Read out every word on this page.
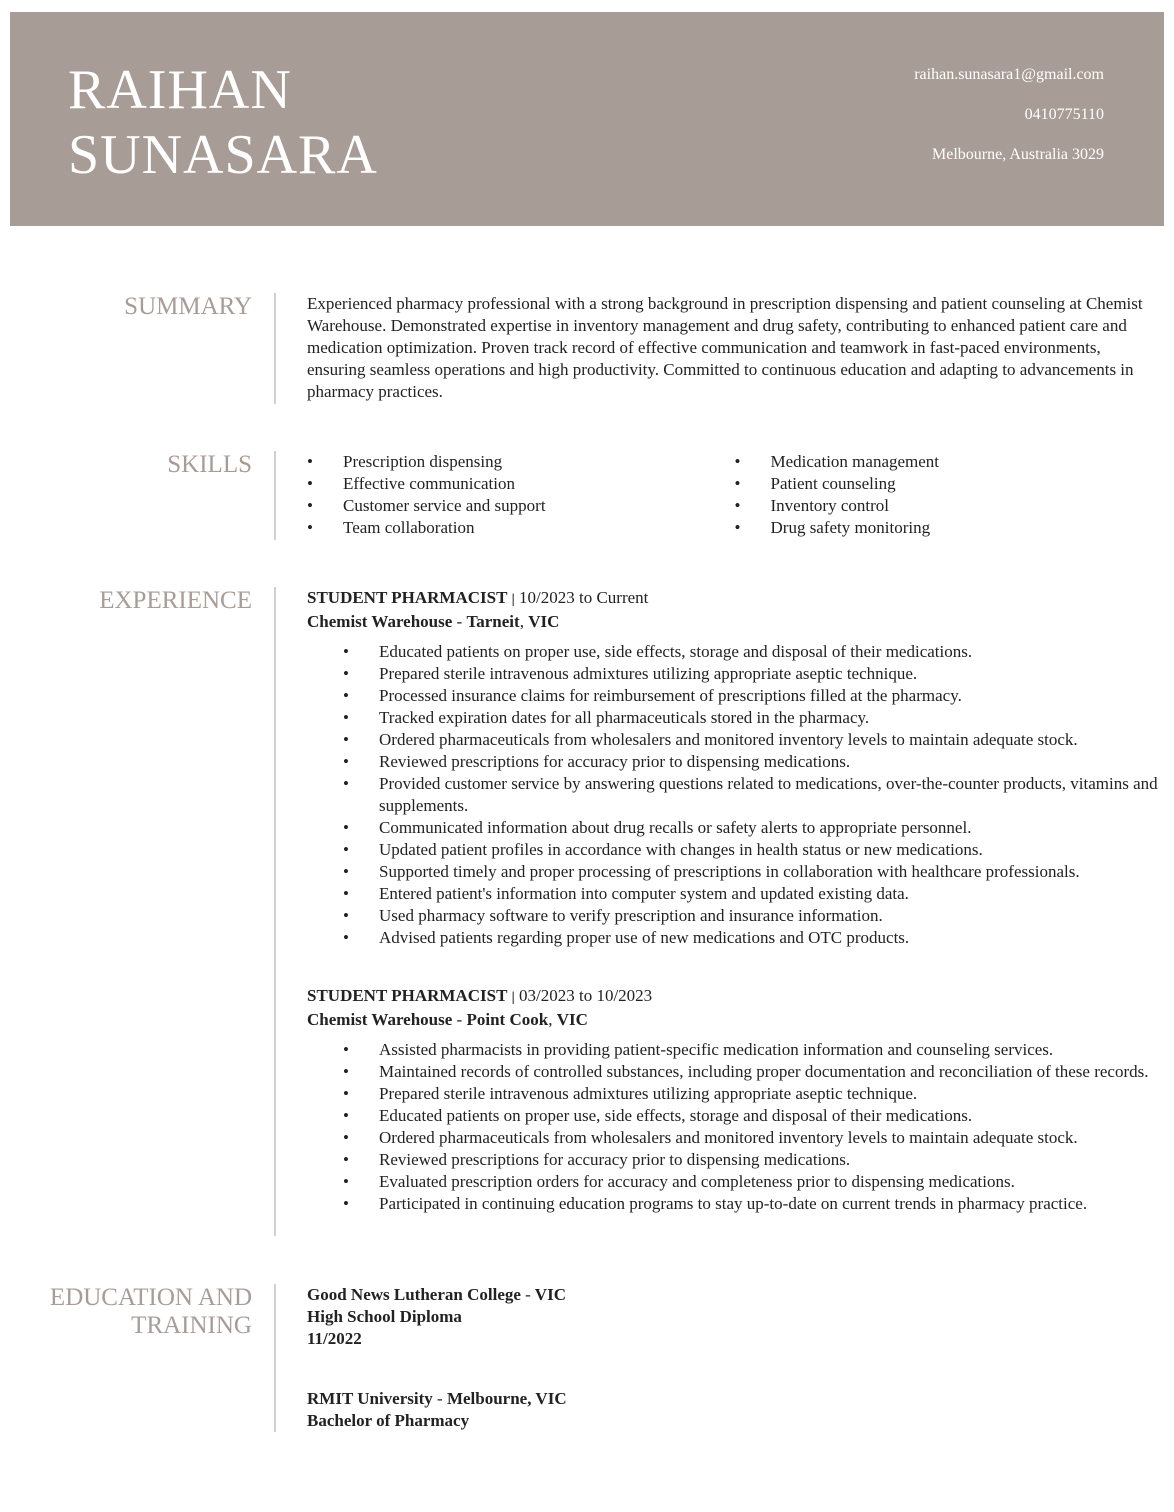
RAIHAN
SUNASARA
raihan.sunasara1@gmail.com
0410775110
Melbourne, Australia 3029
SUMMARY	Experienced pharmacy professional with a strong background in prescription dispensing and patient counseling at Chemist Warehouse. Demonstrated expertise in inventory management and drug safety, contributing to enhanced patient care and medication optimization. Proven track record of effective communication and teamwork in fast-paced environments, ensuring seamless operations and high productivity. Committed to continuous education and adapting to advancements in pharmacy practices.

SKILLS
•	Prescription dispensing
• Effective communication
• Customer service and support
• Team collaboration
• Medication management
• Patient counseling
• Inventory control
• Drug safety monitoring
EXPERIENCE	STUDENT PHARMACIST | 10/2023 to Current
Chemist Warehouse - Tarneit, VIC
• Educated patients on proper use, side effects, storage and disposal of their medications.
• Prepared sterile intravenous admixtures utilizing appropriate aseptic technique.
• Processed insurance claims for reimbursement of prescriptions filled at the pharmacy.
• Tracked expiration dates for all pharmaceuticals stored in the pharmacy.
• Ordered pharmaceuticals from wholesalers and monitored inventory levels to maintain adequate stock.
• Reviewed prescriptions for accuracy prior to dispensing medications.
• Provided customer service by answering questions related to medications, over-the-counter products, vitamins and supplements.
• Communicated information about drug recalls or safety alerts to appropriate personnel.
• Updated patient profiles in accordance with changes in health status or new medications.
• Supported timely and proper processing of prescriptions in collaboration with healthcare professionals.
• Entered patient's information into computer system and updated existing data.
• Used pharmacy software to verify prescription and insurance information.
• Advised patients regarding proper use of new medications and OTC products.
STUDENT PHARMACIST | 03/2023 to 10/2023
Chemist Warehouse - Point Cook, VIC
• Assisted pharmacists in providing patient-specific medication information and counseling services.
• Maintained records of controlled substances, including proper documentation and reconciliation of these records.
• Prepared sterile intravenous admixtures utilizing appropriate aseptic technique.
• Educated patients on proper use, side effects, storage and disposal of their medications.
• Ordered pharmaceuticals from wholesalers and monitored inventory levels to maintain adequate stock.
• Reviewed prescriptions for accuracy prior to dispensing medications.
• Evaluated prescription orders for accuracy and completeness prior to dispensing medications.
• Participated in continuing education programs to stay up-to-date on current trends in pharmacy practice.
EDUCATION AND
TRAINING
Good News Lutheran College - VIC
High School Diploma
11/2022
RMIT University - Melbourne, VIC
Bachelor of Pharmacy
